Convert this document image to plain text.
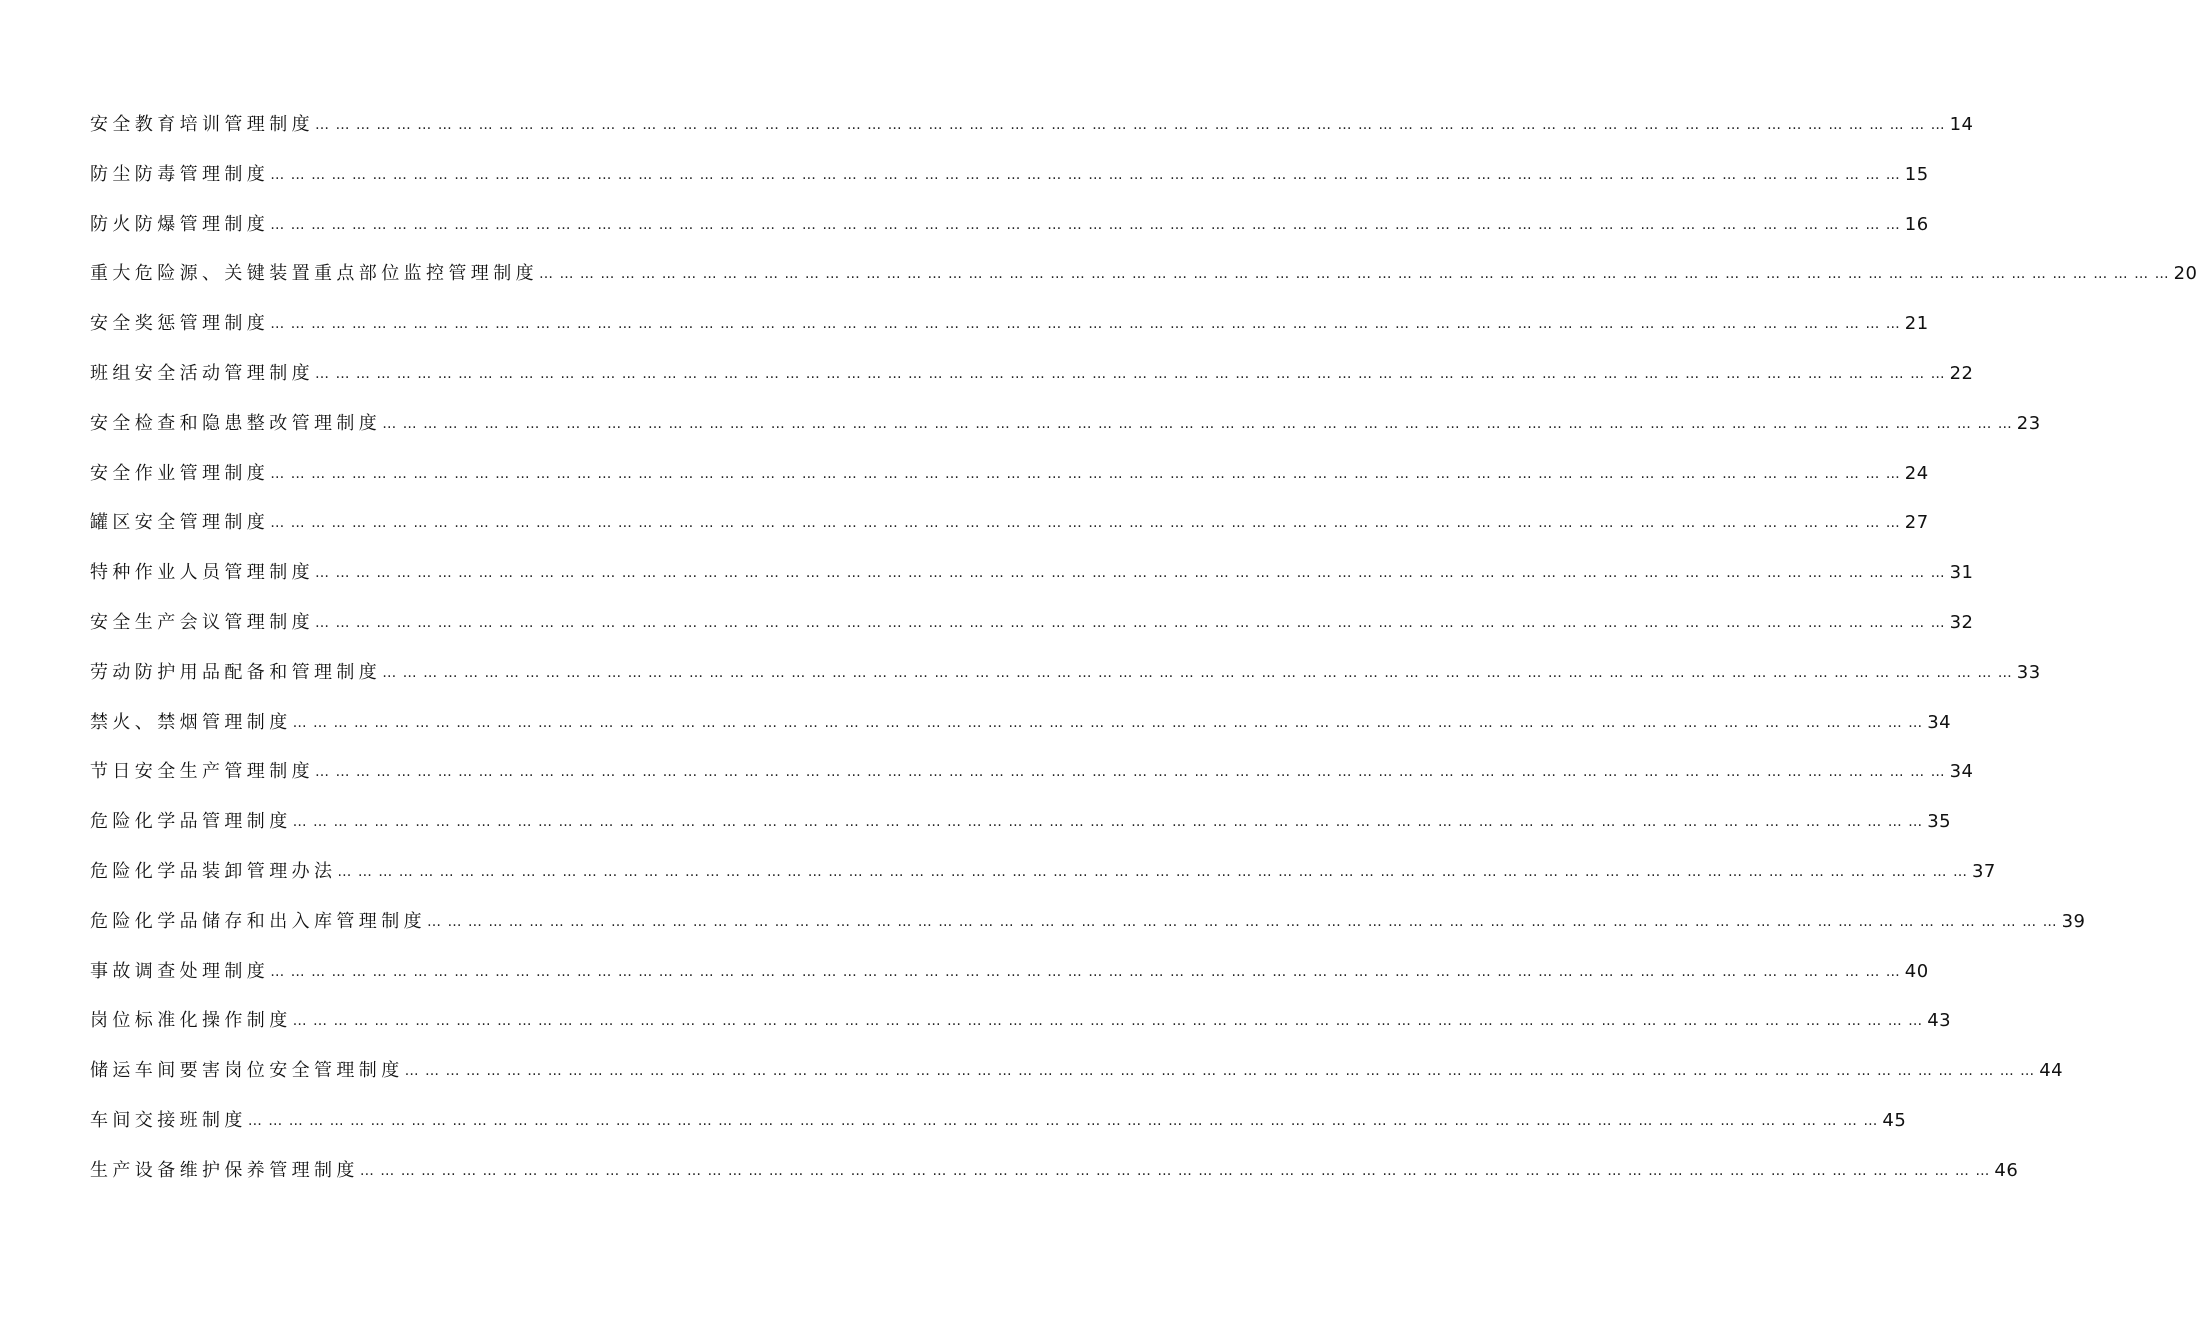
安全教育培训管理制度 … … … … … … … … … … … … … … … … … … … … … … … … … … … … … … … … … … … … … … … … … … … … … … … … … … … … … … … … … … … … … … … … … … … … … … … … … … … … … … … … 14
防尘防毒管理制度 … … … … … … … … … … … … … … … … … … … … … … … … … … … … … … … … … … … … … … … … … … … … … … … … … … … … … … … … … … … … … … … … … … … … … … … … … … … … … … … … 15
防火防爆管理制度 … … … … … … … … … … … … … … … … … … … … … … … … … … … … … … … … … … … … … … … … … … … … … … … … … … … … … … … … … … … … … … … … … … … … … … … … … … … … … … … … 16
重大危险源、关键装置重点部位监控管理制度 … … … … … … … … … … … … … … … … … … … … … … … … … … … … … … … … … … … … … … … … … … … … … … … … … … … … … … … … … … … … … … … … … … … … … … … … … … … … … … … … 20
安全奖惩管理制度 … … … … … … … … … … … … … … … … … … … … … … … … … … … … … … … … … … … … … … … … … … … … … … … … … … … … … … … … … … … … … … … … … … … … … … … … … … … … … … … … 21
班组安全活动管理制度 … … … … … … … … … … … … … … … … … … … … … … … … … … … … … … … … … … … … … … … … … … … … … … … … … … … … … … … … … … … … … … … … … … … … … … … … … … … … … … … … 22
安全检查和隐患整改管理制度 … … … … … … … … … … … … … … … … … … … … … … … … … … … … … … … … … … … … … … … … … … … … … … … … … … … … … … … … … … … … … … … … … … … … … … … … … … … … … … … … 23
安全作业管理制度 … … … … … … … … … … … … … … … … … … … … … … … … … … … … … … … … … … … … … … … … … … … … … … … … … … … … … … … … … … … … … … … … … … … … … … … … … … … … … … … … 24
罐区安全管理制度 … … … … … … … … … … … … … … … … … … … … … … … … … … … … … … … … … … … … … … … … … … … … … … … … … … … … … … … … … … … … … … … … … … … … … … … … … … … … … … … … 27
特种作业人员管理制度 … … … … … … … … … … … … … … … … … … … … … … … … … … … … … … … … … … … … … … … … … … … … … … … … … … … … … … … … … … … … … … … … … … … … … … … … … … … … … … … … 31
安全生产会议管理制度 … … … … … … … … … … … … … … … … … … … … … … … … … … … … … … … … … … … … … … … … … … … … … … … … … … … … … … … … … … … … … … … … … … … … … … … … … … … … … … … … 32
劳动防护用品配备和管理制度 … … … … … … … … … … … … … … … … … … … … … … … … … … … … … … … … … … … … … … … … … … … … … … … … … … … … … … … … … … … … … … … … … … … … … … … … … … … … … … … … 33
禁火、禁烟管理制度 … … … … … … … … … … … … … … … … … … … … … … … … … … … … … … … … … … … … … … … … … … … … … … … … … … … … … … … … … … … … … … … … … … … … … … … … … … … … … … … … 34
节日安全生产管理制度 … … … … … … … … … … … … … … … … … … … … … … … … … … … … … … … … … … … … … … … … … … … … … … … … … … … … … … … … … … … … … … … … … … … … … … … … … … … … … … … … 34
危险化学品管理制度 … … … … … … … … … … … … … … … … … … … … … … … … … … … … … … … … … … … … … … … … … … … … … … … … … … … … … … … … … … … … … … … … … … … … … … … … … … … … … … … … 35
危险化学品装卸管理办法 … … … … … … … … … … … … … … … … … … … … … … … … … … … … … … … … … … … … … … … … … … … … … … … … … … … … … … … … … … … … … … … … … … … … … … … … … … … … … … … … 37
危险化学品储存和出入库管理制度 … … … … … … … … … … … … … … … … … … … … … … … … … … … … … … … … … … … … … … … … … … … … … … … … … … … … … … … … … … … … … … … … … … … … … … … … … … … … … … … … 39
事故调查处理制度 … … … … … … … … … … … … … … … … … … … … … … … … … … … … … … … … … … … … … … … … … … … … … … … … … … … … … … … … … … … … … … … … … … … … … … … … … … … … … … … … 40
岗位标准化操作制度 … … … … … … … … … … … … … … … … … … … … … … … … … … … … … … … … … … … … … … … … … … … … … … … … … … … … … … … … … … … … … … … … … … … … … … … … … … … … … … … … 43
储运车间要害岗位安全管理制度 … … … … … … … … … … … … … … … … … … … … … … … … … … … … … … … … … … … … … … … … … … … … … … … … … … … … … … … … … … … … … … … … … … … … … … … … … … … … … … … … 44
车间交接班制度 … … … … … … … … … … … … … … … … … … … … … … … … … … … … … … … … … … … … … … … … … … … … … … … … … … … … … … … … … … … … … … … … … … … … … … … … … … … … … … … … 45
生产设备维护保养管理制度 … … … … … … … … … … … … … … … … … … … … … … … … … … … … … … … … … … … … … … … … … … … … … … … … … … … … … … … … … … … … … … … … … … … … … … … … … … … … … … … … 46
